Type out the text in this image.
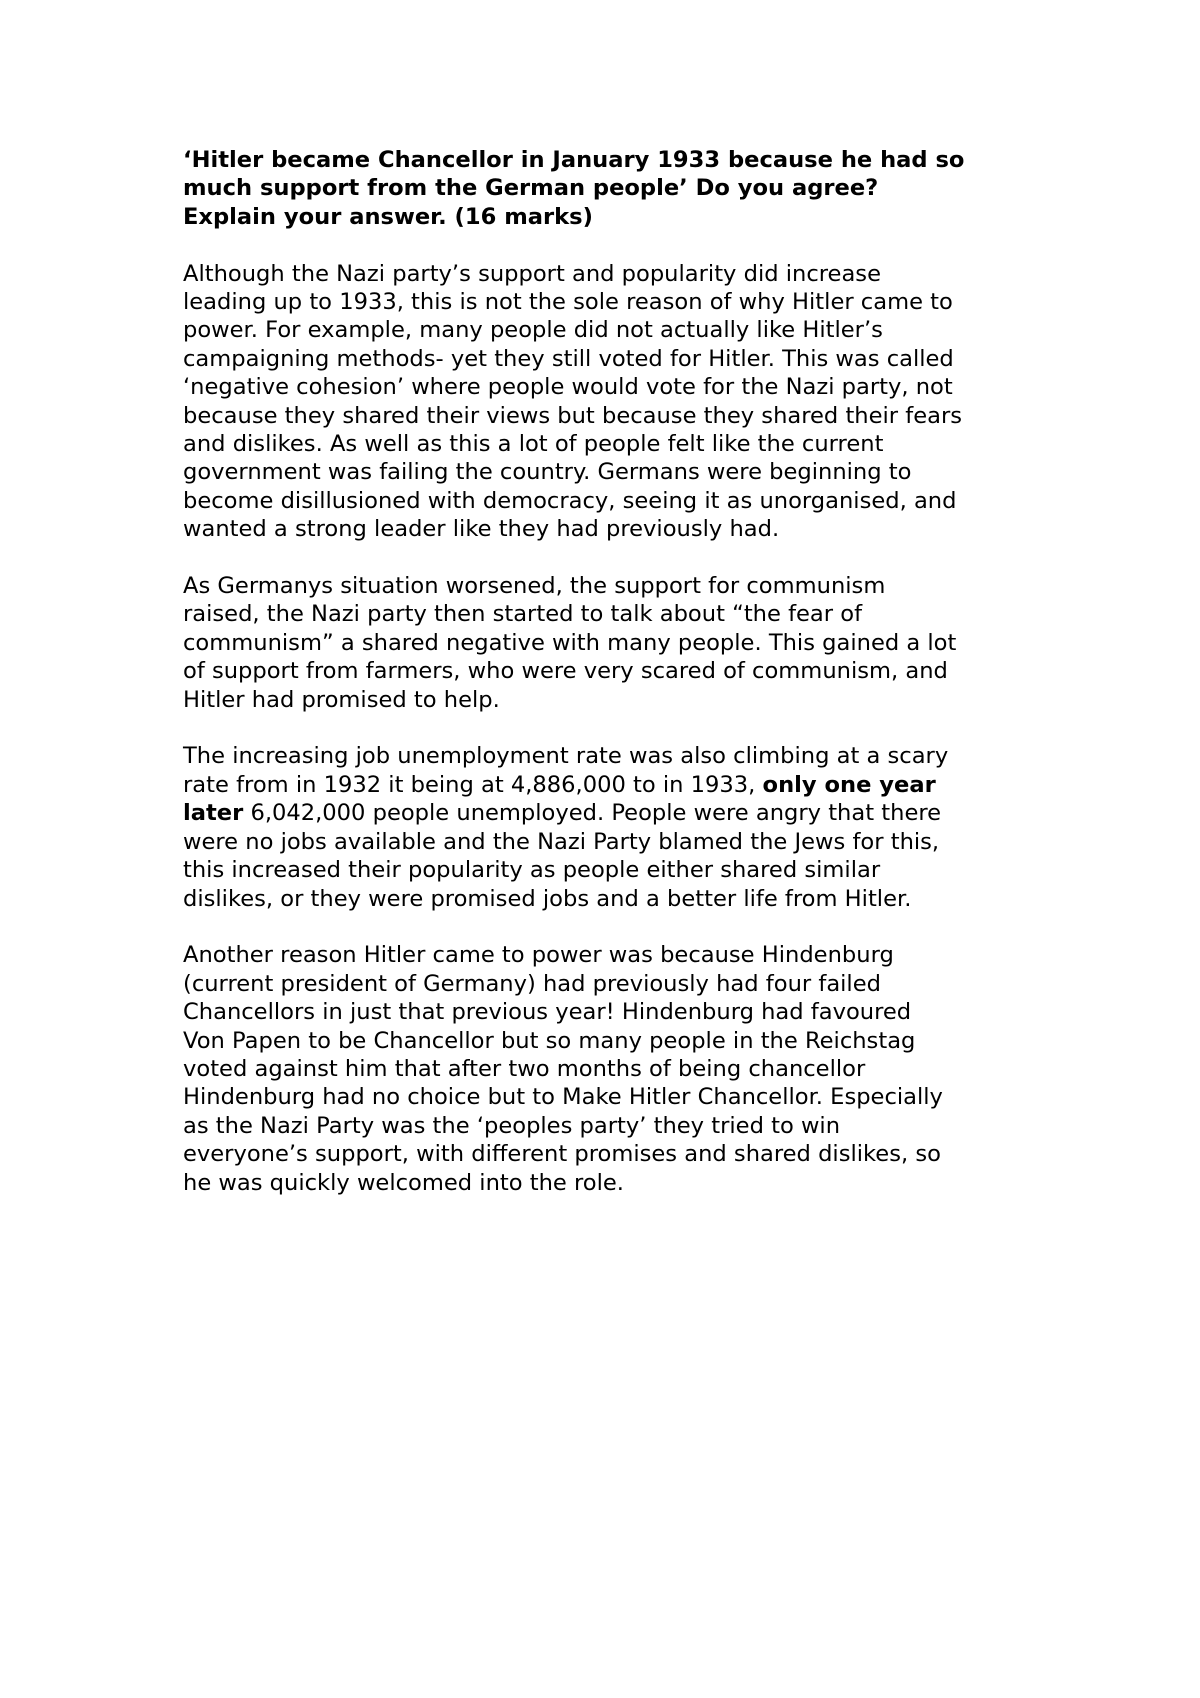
‘Hitler became Chancellor in January 1933 because he had so
much support from the German people’ Do you agree?
Explain your answer. (16 marks)
Although the Nazi party’s support and popularity did increase
leading up to 1933, this is not the sole reason of why Hitler came to
power. For example, many people did not actually like Hitler’s
campaigning methods- yet they still voted for Hitler. This was called
‘negative cohesion’ where people would vote for the Nazi party, not
because they shared their views but because they shared their fears
and dislikes. As well as this a lot of people felt like the current
government was failing the country. Germans were beginning to
become disillusioned with democracy, seeing it as unorganised, and
wanted a strong leader like they had previously had.
As Germanys situation worsened, the support for communism
raised, the Nazi party then started to talk about “the fear of
communism” a shared negative with many people. This gained a lot
of support from farmers, who were very scared of communism, and
Hitler had promised to help.
The increasing job unemployment rate was also climbing at a scary
rate from in 1932 it being at 4,886,000 to in 1933, only one year
later 6,042,000 people unemployed. People were angry that there
were no jobs available and the Nazi Party blamed the Jews for this,
this increased their popularity as people either shared similar
dislikes, or they were promised jobs and a better life from Hitler.
Another reason Hitler came to power was because Hindenburg
(current president of Germany) had previously had four failed
Chancellors in just that previous year! Hindenburg had favoured
Von Papen to be Chancellor but so many people in the Reichstag
voted against him that after two months of being chancellor
Hindenburg had no choice but to Make Hitler Chancellor. Especially
as the Nazi Party was the ‘peoples party’ they tried to win
everyone’s support, with different promises and shared dislikes, so
he was quickly welcomed into the role.
